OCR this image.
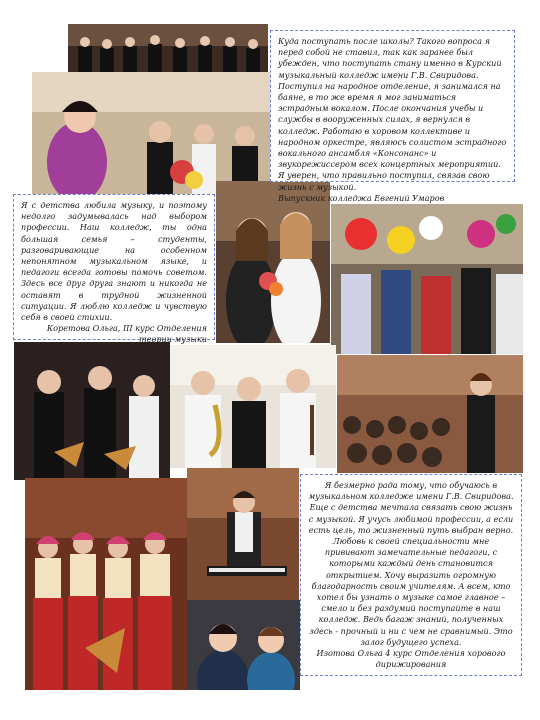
Куда поступать после школы? Такого вопроса я перед собой не ставил, так как заранее был убежден, что поступать стану именно в Курский музыкальный колледж имени Г.В. Свиридова. Поступил на народное отделение, я занимался на баяне, в то же время я мог заниматься эстрадным вокалом. После окончания учебы и службы в вооруженных силах, я вернулся в колледж. Работаю в хоровом коллективе и народном оркестре, являюсь солистом эстрадного вокального ансамбля «Консонанс» и звукорежиссером всех концертных мероприятий. Я уверен, что правильно поступил, связав свою жизнь с музыкой.

Выпускник колледжа Евгений Умаров

Я с детства любила музыку, и поэтому недолго задумывалась над выбором профессии. Наш колледж, ты одна большая семья – студенты, разговаривающие на особенном непонятном музыкальном языке, и педагоги всегда готовы помочь советом. Здесь все друг друга знают и никогда не оставят в трудной жизненной ситуации. Я люблю колледж и чувствую себя в своей стихии.

Коретова Ольга, III курс Отделения теории музыки

Я безмерно рада тому, что обучаюсь в музыкальном колледже имени Г.В. Свиридова. Еще с детства мечтала связать свою жизнь с музыкой. Я учусь любимой профессии, а если есть цель, то жизненный путь выбран верно. Любовь к своей специальности мне прививают замечательные педагоги, с которыми каждый день становится открытием. Хочу выразить огромную благодарность своим учителям. А всем, кто хотел бы узнать о музыке самое главное – смело и без раздумий поступайте в наш колледж. Ведь багаж знаний, полученных здесь - прочный и ни с чем не сравнимый. Это залог будущего успеха.

Изотова Ольга 4 курс Отделения хорового дирижирования
